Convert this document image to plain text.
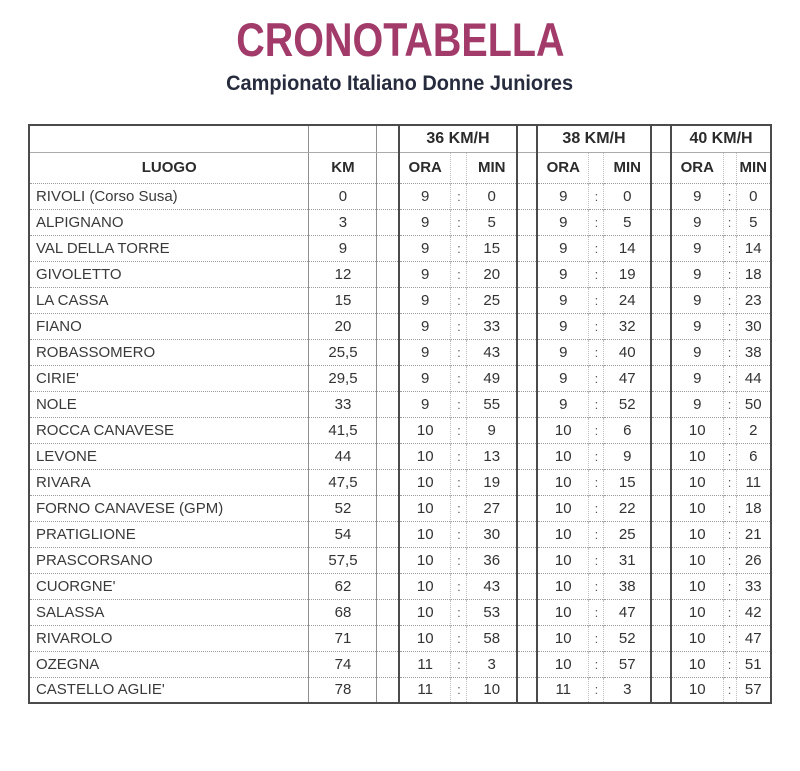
CRONOTABELLA
Campionato Italiano Donne Juniores
			36 KM/H				38 KM/H				40 KM/H		
LUOGO	KM		ORA		MIN		ORA		MIN		ORA		MIN
RIVOLI (Corso Susa)	0		9	:	0		9	:	0		9	:	0
ALPIGNANO	3		9	:	5		9	:	5		9	:	5
VAL DELLA TORRE	9		9	:	15		9	:	14		9	:	14
GIVOLETTO	12		9	:	20		9	:	19		9	:	18
LA CASSA	15		9	:	25		9	:	24		9	:	23
FIANO	20		9	:	33		9	:	32		9	:	30
ROBASSOMERO	25,5		9	:	43		9	:	40		9	:	38
CIRIE'	29,5		9	:	49		9	:	47		9	:	44
NOLE	33		9	:	55		9	:	52		9	:	50
ROCCA CANAVESE	41,5		10	:	9		10	:	6		10	:	2
LEVONE	44		10	:	13		10	:	9		10	:	6
RIVARA	47,5		10	:	19		10	:	15		10	:	11
FORNO CANAVESE (GPM)	52		10	:	27		10	:	22		10	:	18
PRATIGLIONE	54		10	:	30		10	:	25		10	:	21
PRASCORSANO	57,5		10	:	36		10	:	31		10	:	26
CUORGNE'	62		10	:	43		10	:	38		10	:	33
SALASSA	68		10	:	53		10	:	47		10	:	42
RIVAROLO	71		10	:	58		10	:	52		10	:	47
OZEGNA	74		11	:	3		10	:	57		10	:	51
CASTELLO AGLIE'	78		11	:	10		11	:	3		10	:	57
